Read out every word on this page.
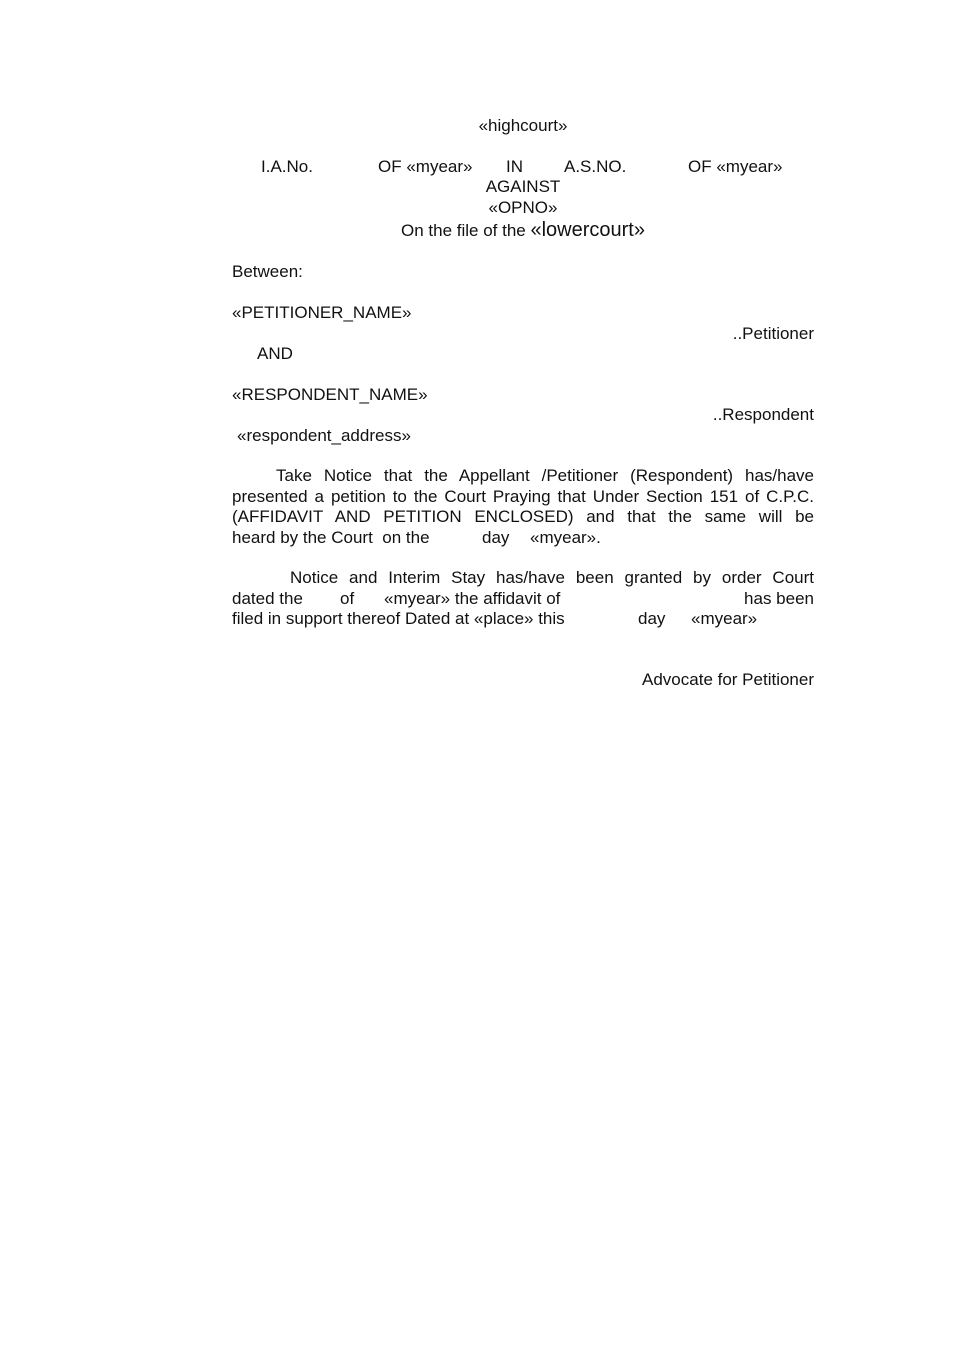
«highcourt»
I.A.No.	OF «myear» IN A.S.NO.	OF «myear»
AGAINST
«OPNO»
On the file of the «lowercourt»
Between:
«PETITIONER_NAME»
..Petitioner
AND
«RESPONDENT_NAME»
..Respondent
«respondent_address»
Take Notice that the Appellant /Petitioner (Respondent) has/have
presented a petition to the Court Praying that Under Section 151 of C.P.C.
(AFFIDAVIT AND PETITION ENCLOSED) and that the same will be

heard by the Court  on the

	day

«myear».

Notice and Interim Stay has/have been granted by order Court

dated the

of

«myear» the affidavit of

	has been

filed in support thereof Dated at «place» this

	day

«myear»

Advocate for Petitioner
